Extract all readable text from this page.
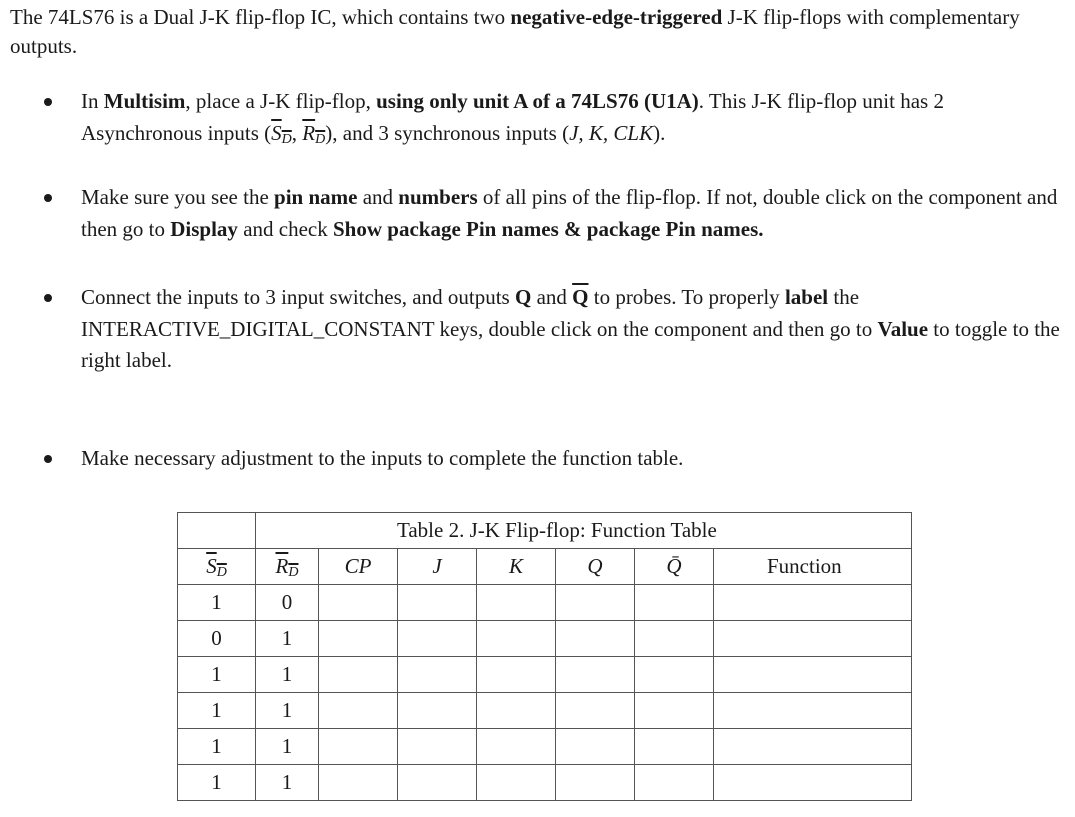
The 74LS76 is a Dual J-K flip-flop IC, which contains two negative-edge-triggered J-K flip-flops with complementary outputs.

In Multisim, place a J-K flip-flop, using only unit A of a 74LS76 (U1A). This J-K flip-flop unit has 2 Asynchronous inputs ($S_D$, $R_D$), and 3 synchronous inputs (J, K, CLK).

Make sure you see the pin name and numbers of all pins of the flip-flop. If not, double click on the component and then go to Display and check Show package Pin names & package Pin names.

Connect the inputs to 3 input switches, and outputs Q and $\overline{Q}$ to probes. To properly label the INTERACTIVE_DIGITAL_CONSTANT keys, double click on the component and then go to Value to toggle to the right label.

Make necessary adjustment to the inputs to complete the function table.

	Table 2. J-K Flip-flop: Function Table						
$S_D$	$R_D$	CP	J	K	Q	Q̄	Function
1	0						
0	1						
1	1						
1	1						
1	1						
1	1						
